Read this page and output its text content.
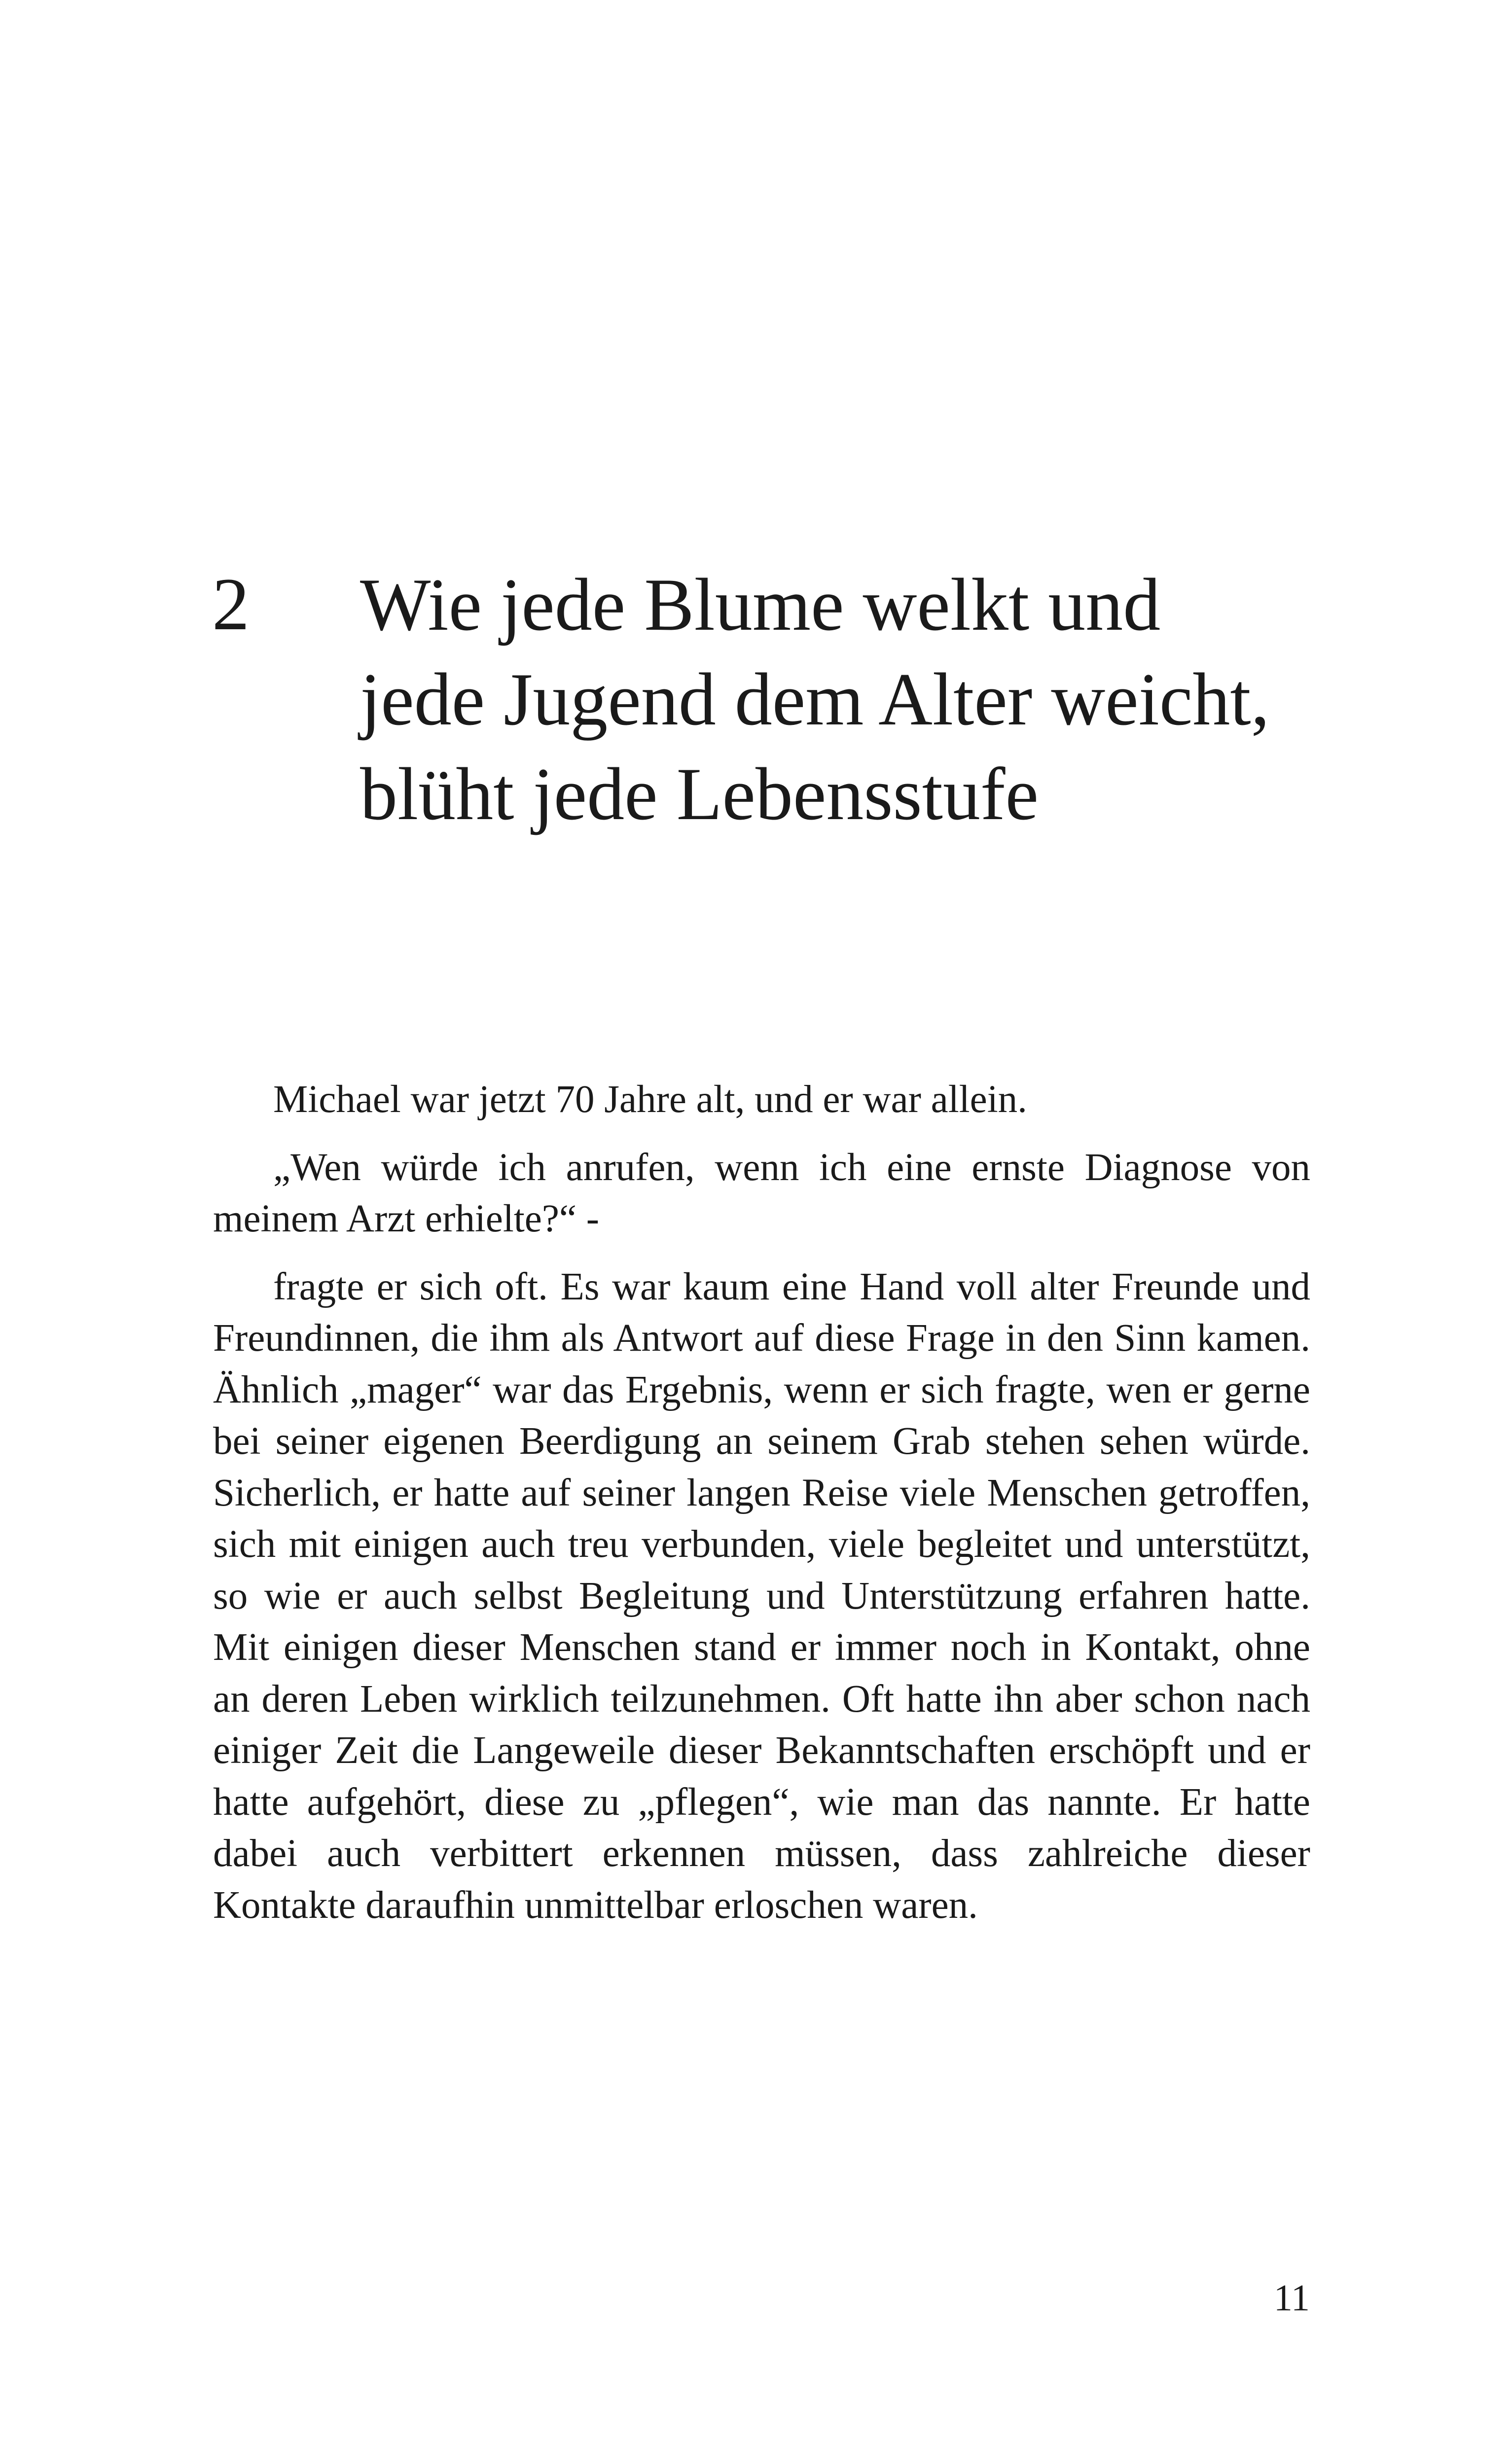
2 Wie jede Blume welkt und jede Jugend dem Alter weicht, blüht jede Lebensstufe

Michael war jetzt 70 Jahre alt, und er war allein.

„Wen würde ich anrufen, wenn ich eine ernste Diagnose von meinem Arzt erhielte?“ -

fragte er sich oft. Es war kaum eine Hand voll alter Freunde und Freundinnen, die ihm als Antwort auf diese Frage in den Sinn kamen. Ähnlich „mager“ war das Ergebnis, wenn er sich fragte, wen er gerne bei seiner eigenen Beerdigung an seinem Grab stehen sehen würde. Sicherlich, er hatte auf seiner langen Reise viele Menschen getroffen, sich mit einigen auch treu verbunden, viele begleitet und unterstützt, so wie er auch selbst Begleitung und Unterstützung erfahren hatte. Mit einigen dieser Menschen stand er immer noch in Kontakt, ohne an deren Leben wirklich teilzunehmen. Oft hatte ihn aber schon nach einiger Zeit die Langeweile dieser Bekanntschaften erschöpft und er hatte aufgehört, diese zu „pflegen“, wie man das nannte. Er hatte dabei auch verbittert erkennen müssen, dass zahlreiche dieser Kontakte daraufhin unmittelbar erloschen waren.

11
